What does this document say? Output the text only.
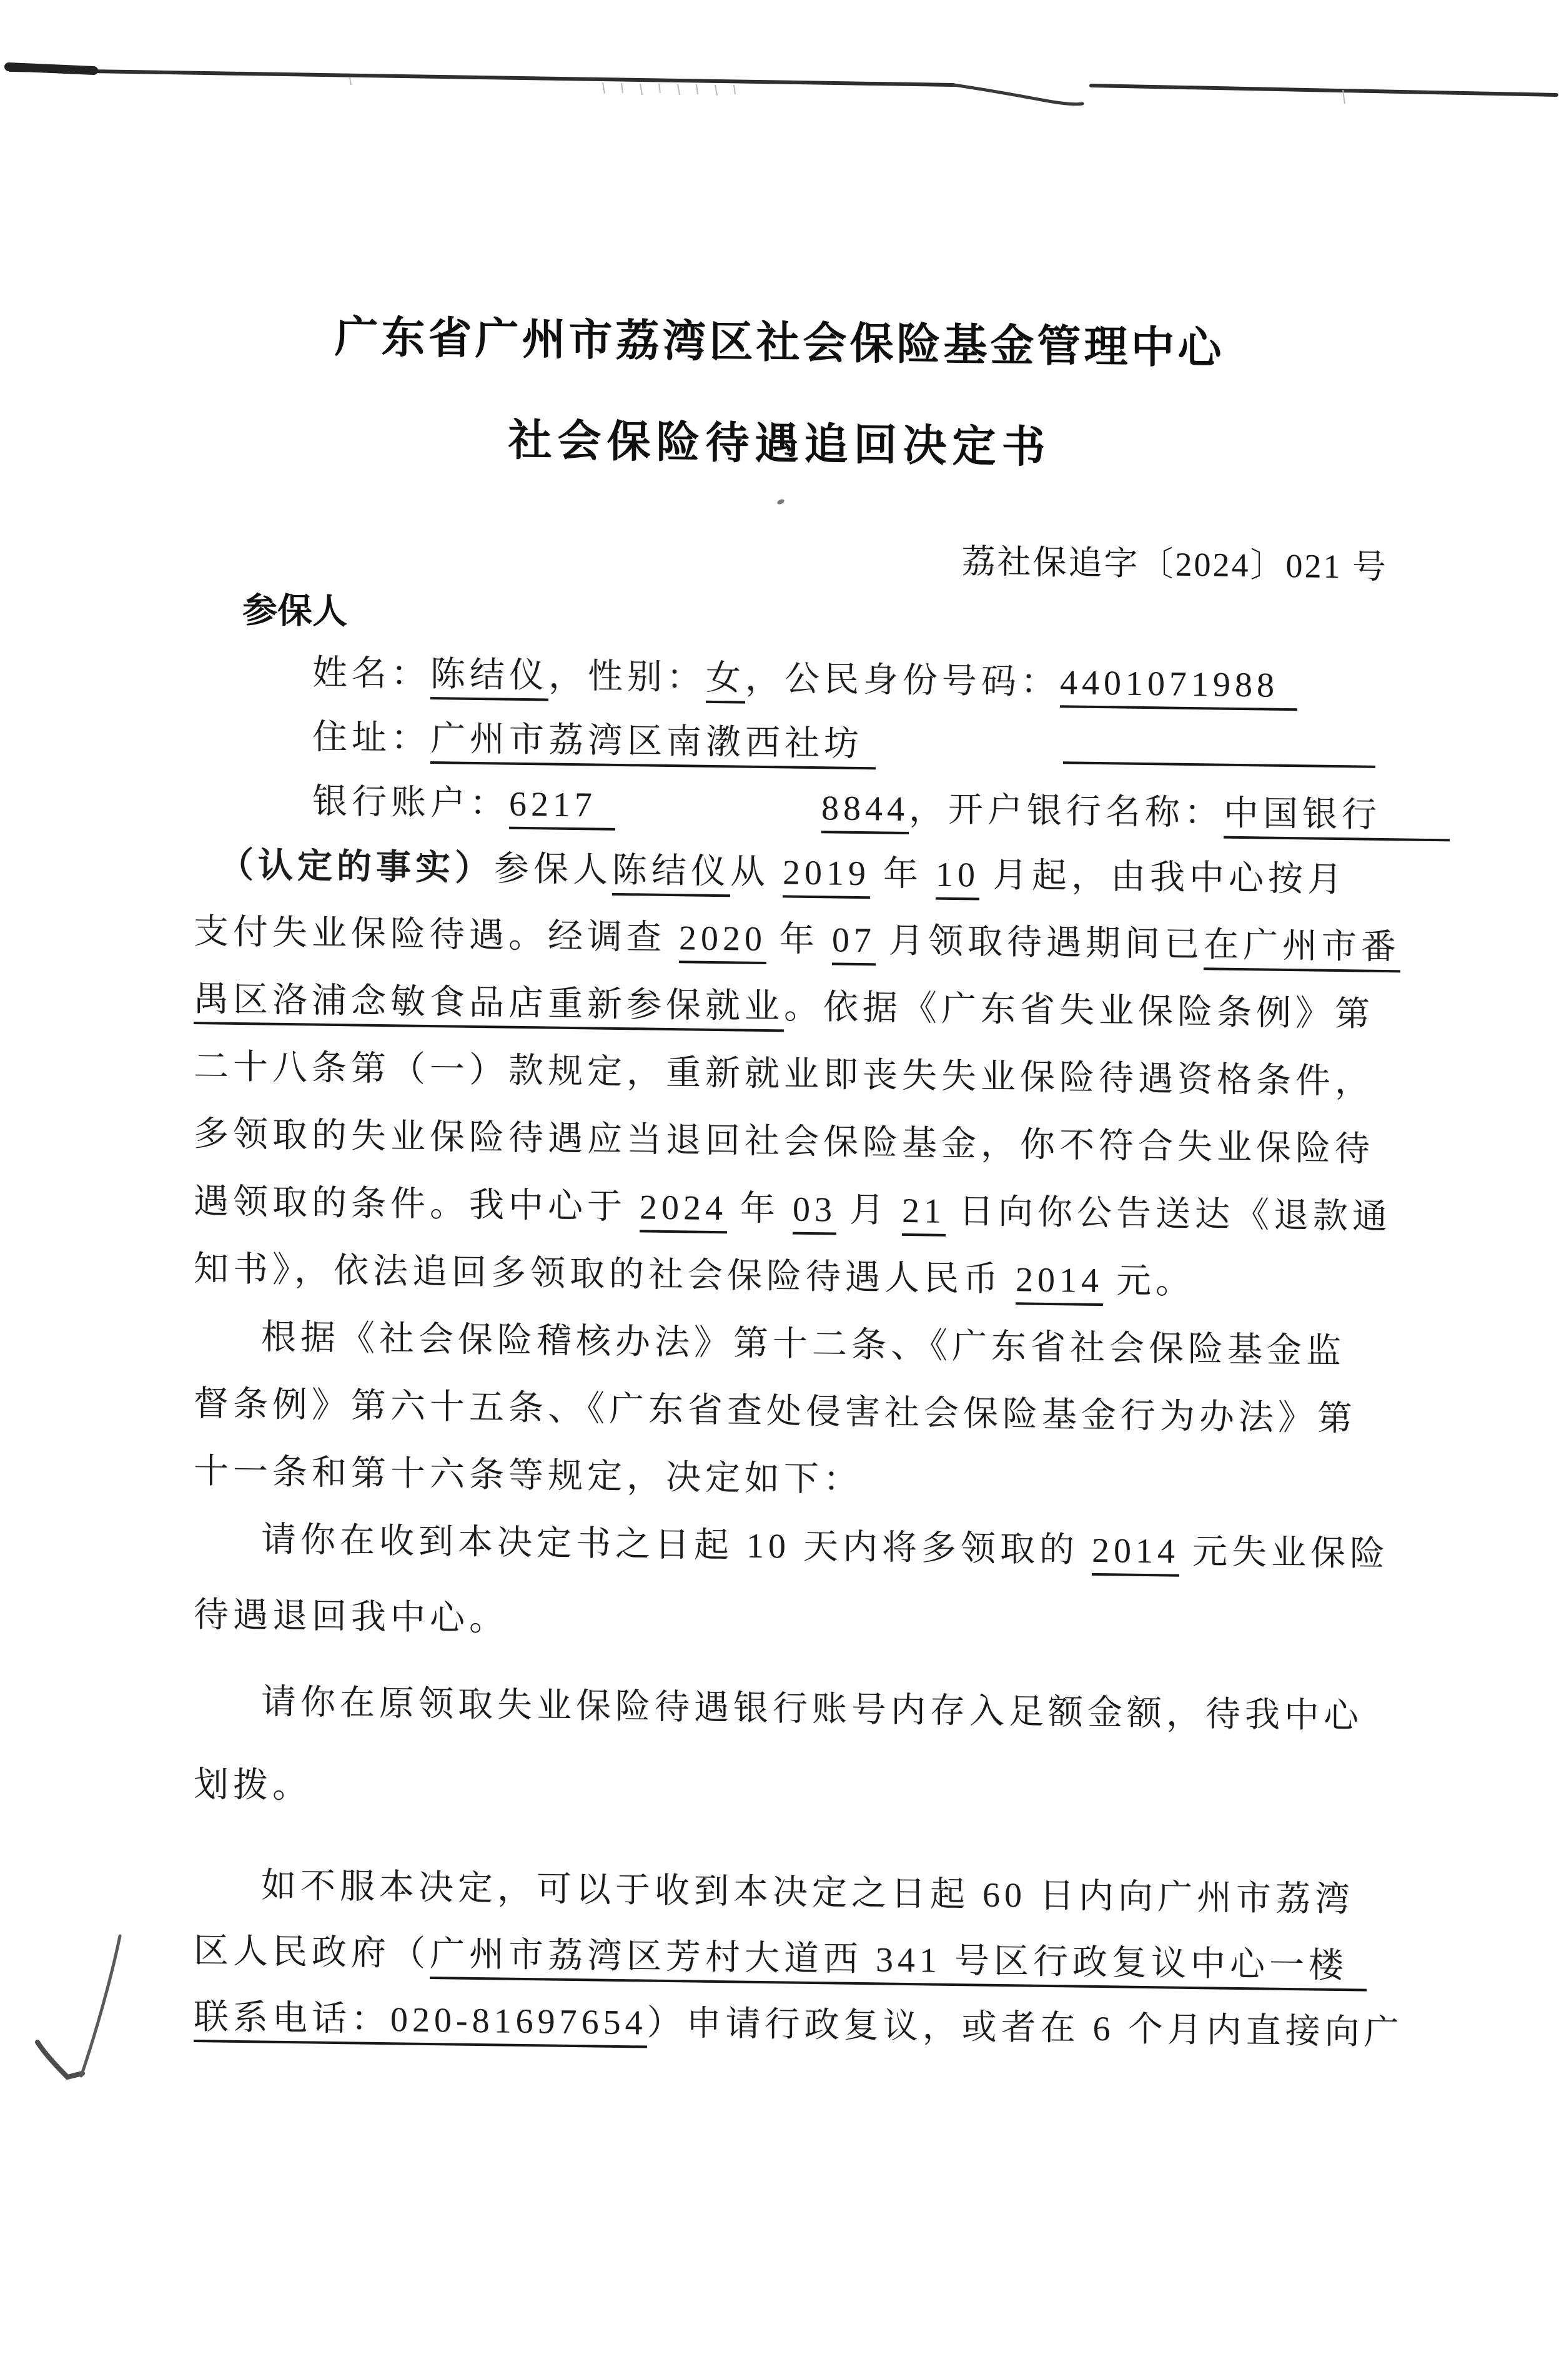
广东省广州市荔湾区社会保险基金管理中心
社会保险待遇追回决定书
荔社保追字〔2024〕021 号
参保人
姓名：陈结仪，性别：女，公民身份号码：4401071988
住址：广州市荔湾区南漖西社坊
银行账户：6217	8844，开户银行名称：中国银行
（认定的事实）参保人陈结仪从 2019 年 10 月起，由我中心按月
支付失业保险待遇。经调查 2020 年 07 月领取待遇期间已在广州市番
禺区洛浦念敏食品店重新参保就业。依据《广东省失业保险条例》第
二十八条第（一）款规定，重新就业即丧失失业保险待遇资格条件，
多领取的失业保险待遇应当退回社会保险基金，你不符合失业保险待
遇领取的条件。我中心于 2024 年 03 月 21 日向你公告送达《退款通
知书》，依法追回多领取的社会保险待遇人民币 2014 元。
根据《社会保险稽核办法》第十二条、《广东省社会保险基金监
督条例》第六十五条、《广东省查处侵害社会保险基金行为办法》第
十一条和第十六条等规定，决定如下：
请你在收到本决定书之日起 10 天内将多领取的 2014 元失业保险
待遇退回我中心。
请你在原领取失业保险待遇银行账号内存入足额金额，待我中心
划拨。
如不服本决定，可以于收到本决定之日起 60 日内向广州市荔湾
区人民政府（广州市荔湾区芳村大道西 341 号区行政复议中心一楼
联系电话：020-81697654）申请行政复议，或者在 6 个月内直接向广
